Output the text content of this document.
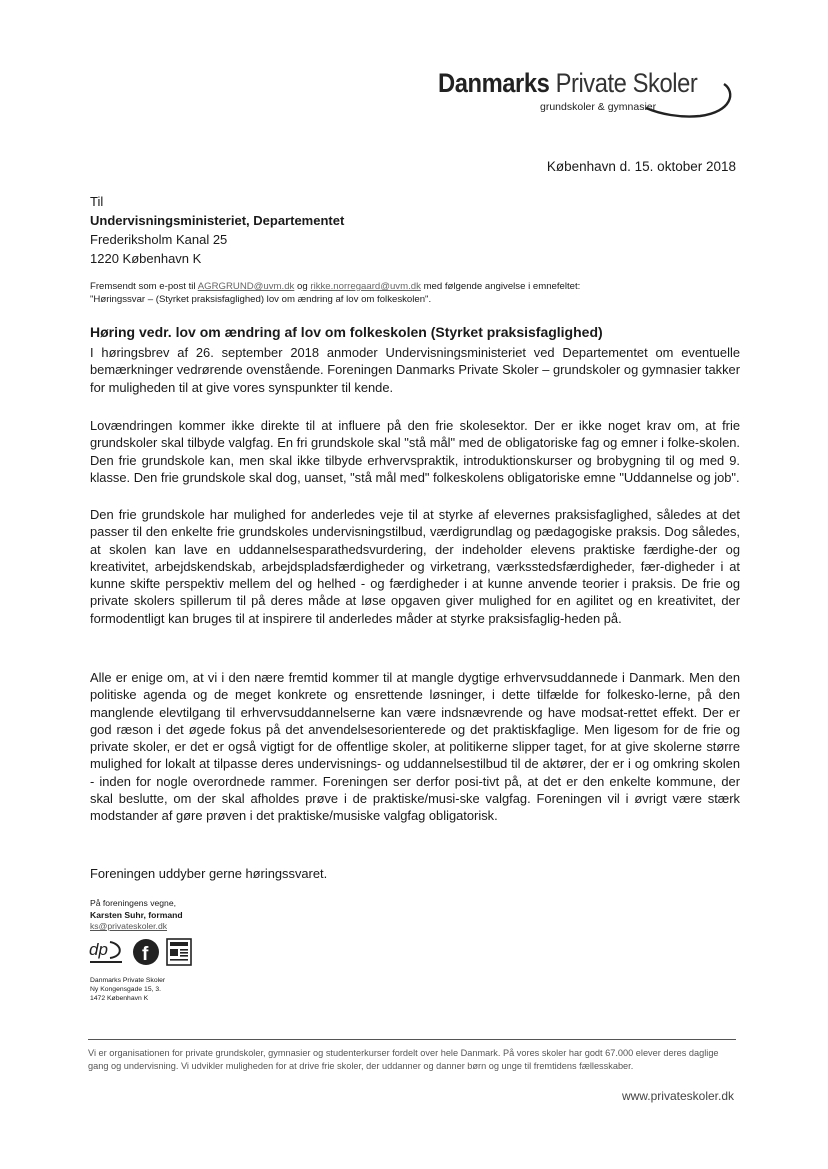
Danmarks Private Skoler
grundskoler & gymnasier
København d. 15. oktober 2018
Til
Undervisningsministeriet, Departementet
Frederiksholm Kanal 25
1220 København K
Fremsendt som e-post til AGRGRUND@uvm.dk og rikke.norregaard@uvm.dk med følgende angivelse i emnefeltet:
"Høringssvar – (Styrket praksisfaglighed) lov om ændring af lov om folkeskolen".
Høring vedr. lov om ændring af lov om folkeskolen (Styrket praksisfaglighed)

I høringsbrev af 26. september 2018 anmoder Undervisningsministeriet ved Departementet om eventuelle bemærkninger vedrørende ovenstående. Foreningen Danmarks Private Skoler – grundskoler og gymnasier takker for muligheden til at give vores synspunkter til kende.

Lovændringen kommer ikke direkte til at influere på den frie skolesektor. Der er ikke noget krav om, at frie grundskoler skal tilbyde valgfag. En fri grundskole skal "stå mål" med de obligatoriske fag og emner i folke-skolen. Den frie grundskole kan, men skal ikke tilbyde erhvervspraktik, introduktionskurser og brobygning til og med 9. klasse. Den frie grundskole skal dog, uanset, "stå mål med" folkeskolens obligatoriske emne "Uddannelse og job".

Den frie grundskole har mulighed for anderledes veje til at styrke af elevernes praksisfaglighed, således at det passer til den enkelte frie grundskoles undervisningstilbud, værdigrundlag og pædagogiske praksis. Dog således, at skolen kan lave en uddannelsesparathedsvurdering, der indeholder elevens praktiske færdighe-der og kreativitet, arbejdskendskab, arbejdspladsfærdigheder og virketrang, værksstedsfærdigheder, fær-digheder i at kunne skifte perspektiv mellem del og helhed - og færdigheder i at kunne anvende teorier i praksis. De frie og private skolers spillerum til på deres måde at løse opgaven giver mulighed for en agilitet og en kreativitet, der formodentligt kan bruges til at inspirere til anderledes måder at styrke praksisfaglig-heden på.

Alle er enige om, at vi i den nære fremtid kommer til at mangle dygtige erhvervsuddannede i Danmark. Men den politiske agenda og de meget konkrete og ensrettende løsninger, i dette tilfælde for folkesko-lerne, på den manglende elevtilgang til erhvervsuddannelserne kan være indsnævrende og have modsat-rettet effekt. Der er god ræson i det øgede fokus på det anvendelsesorienterede og det praktiskfaglige. Men ligesom for de frie og private skoler, er det er også vigtigt for de offentlige skoler, at politikerne slipper taget, for at give skolerne større mulighed for lokalt at tilpasse deres undervisnings- og uddannelsestilbud til de aktører, der er i og omkring skolen - inden for nogle overordnede rammer. Foreningen ser derfor posi-tivt på, at det er den enkelte kommune, der skal beslutte, om der skal afholdes prøve i de praktiske/musi-ske valgfag. Foreningen vil i øvrigt være stærk modstander af gøre prøven i det praktiske/musiske valgfag obligatorisk.

Foreningen uddyber gerne høringssvaret.

På foreningens vegne,
Karsten Suhr, formand
ks@privateskoler.dk
dp f
Danmarks Private Skoler
Ny Kongensgade 15, 3.
1472 København K
Vi er organisationen for private grundskoler, gymnasier og studenterkurser fordelt over hele Danmark. På vores skoler har godt 67.000 elever deres daglige gang og undervisning. Vi udvikler muligheden for at drive frie skoler, der uddanner og danner børn og unge til fremtidens fællesskaber.
www.privateskoler.dk
